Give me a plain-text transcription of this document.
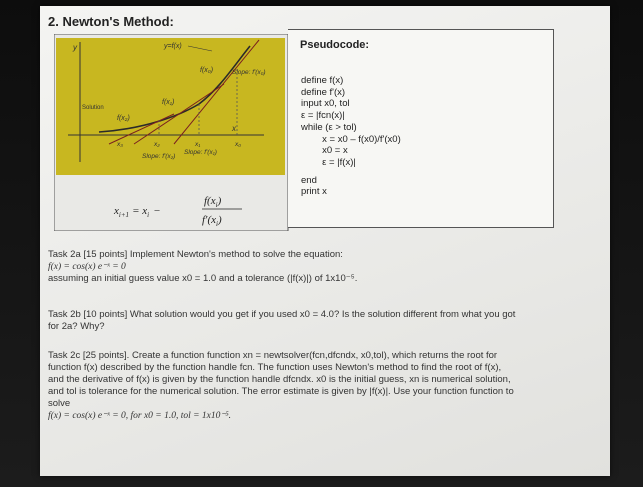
2. Newton's Method:
y
x
y=f(x)
f(x₀)	Slope: f'(x₀)
f(x₁)
f(x₂)
Solution
x₃	x₂	x₁	x₀
Slope: f'(x₂)
Slope: f'(x₁)
$x_{i+1} = x_i$ −
$f(x_i)$
$f'(x_i)$
Pseudocode:
define f(x)
define f'(x)
input x0, tol
ε = |fcn(x)|
while (ε > tol)
x = x0 – f(x0)/f'(x0)
x0 = x
ε = |f(x)|
end
print x
Task 2a [15 points] Implement Newton's method to solve the equation:
f(x) = cos(x) e⁻ˣ = 0
assuming an initial guess value x0 = 1.0 and a tolerance (|f(x)|) of 1x10⁻⁵.
Task 2b [10 points] What solution would you get if you used x0 = 4.0? Is the solution different from what you got for 2a? Why?
Task 2c [25 points]. Create a function function xn = newtsolver(fcn,dfcndx, x0,tol), which returns the root for function f(x) described by the function handle fcn. The function uses Newton's method to find the root of f(x), and the derivative of f(x) is given by the function handle dfcndx. x0 is the initial guess, xn is numerical solution, and tol is tolerance for the numerical solution. The error estimate is given by |f(x)|. Use your function function to solve
f(x) = cos(x) e⁻ˣ = 0, for x0 = 1.0, tol = 1x10⁻⁵.
